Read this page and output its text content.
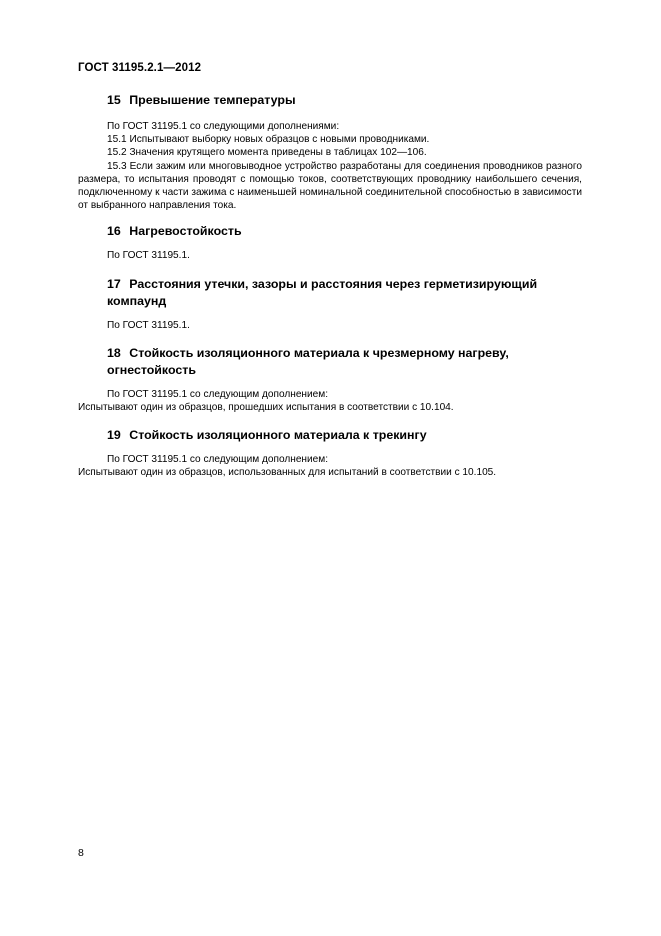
ГОСТ 31195.2.1—2012
15 Превышение температуры

По ГОСТ 31195.1 со следующими дополнениями:

15.1 Испытывают выборку новых образцов с новыми проводниками.

15.2 Значения крутящего момента приведены в таблицах 102—106.

15.3 Если зажим или многовыводное устройство разработаны для соединения проводников разного размера, то испытания проводят с помощью токов, соответствующих проводнику наибольшего сечения, подключенному к части зажима с наименьшей номинальной соединительной способностью в зависимости от выбранного направления тока.

16 Нагревостойкость

По ГОСТ 31195.1.

17 Расстояния утечки, зазоры и расстояния через герметизирующий
компаунд

По ГОСТ 31195.1.

18 Стойкость изоляционного материала к чрезмерному нагреву,
огнестойкость

По ГОСТ 31195.1 со следующим дополнением:

Испытывают один из образцов, прошедших испытания в соответствии с 10.104.

19 Стойкость изоляционного материала к трекингу

По ГОСТ 31195.1 со следующим дополнением:

Испытывают один из образцов, использованных для испытаний в соответствии с 10.105.

8
